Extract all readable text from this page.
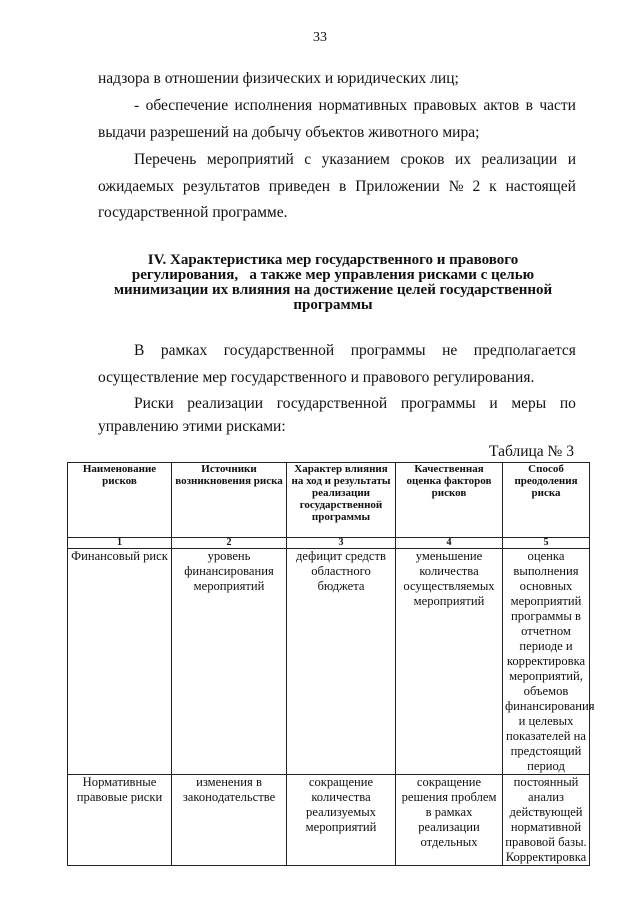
33
надзора в отношении физических и юридических лиц;
- обеспечение исполнения нормативных правовых актов в части
выдачи разрешений на добычу объектов животного мира;
Перечень мероприятий с указанием сроков их реализации и
ожидаемых результатов приведен в Приложении № 2 к настоящей
государственной программе.
IV. Характеристика мер государственного и правового
регулирования,   а также мер управления рисками с целью
минимизации их влияния на достижение целей государственной
программы
В рамках государственной программы не предполагается
осуществление мер государственного и правового регулирования.
Риски реализации государственной программы и меры по
управлению этими рисками:
Таблица № 3
Наименование рисков	Источники возникновения риска	Характер влияния на ход и результаты реализации государственной программы	Качественная оценка факторов рисков	Способ преодоления риска
1	2	3	4	5
Финансовый риск	уровень финансирования мероприятий	дефицит средств областного бюджета	уменьшение количества осуществляемых мероприятий	оценка выполнения основных мероприятий программы в отчетном периоде и корректировка мероприятий, объемов финансирования и целевых показателей на предстоящий период
Нормативные правовые риски	изменения в законодательстве	сокращение количества реализуемых мероприятий	сокращение решения проблем в рамках реализации отдельных	постоянный анализ действующей нормативной правовой базы. Корректировка
